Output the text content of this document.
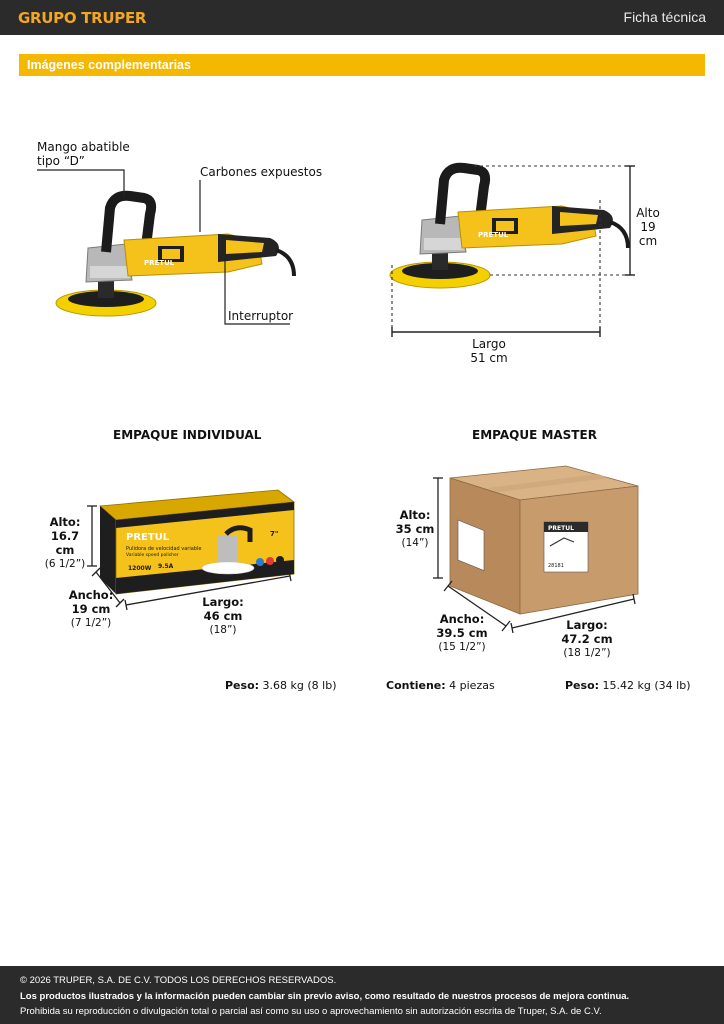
GRUPO TRUPER	Ficha técnica
Imágenes complementarias
PRETUL
Mango abatible
tipo “D”
Carbones expuestos
Interruptor
PRETUL
Alto
19 cm
Largo
51 cm
EMPAQUE INDIVIDUAL
PRETUL
Pulidora de velocidad variable
Variable speed polisher
1200W 9.5A
7"
Alto:
16.7 cm
(6 1/2”)
Ancho:
19 cm
(7 1/2”)
Largo:
46 cm
(18”)
Peso: 3.68 kg (8 lb)
EMPAQUE MASTER
PRETUL
28181
Alto:
35 cm
(14”)
Ancho:
39.5 cm
(15 1/2”)
Largo:
47.2 cm
(18 1/2”)
Contiene: 4 piezas	Peso: 15.42 kg (34 lb)
© 2026 TRUPER, S.A. DE C.V. TODOS LOS DERECHOS RESERVADOS.
Los productos ilustrados y la información pueden cambiar sin previo aviso, como resultado de nuestros procesos de mejora continua.
Prohibida su reproducción o divulgación total o parcial así como su uso o aprovechamiento sin autorización escrita de Truper, S.A. de C.V.
